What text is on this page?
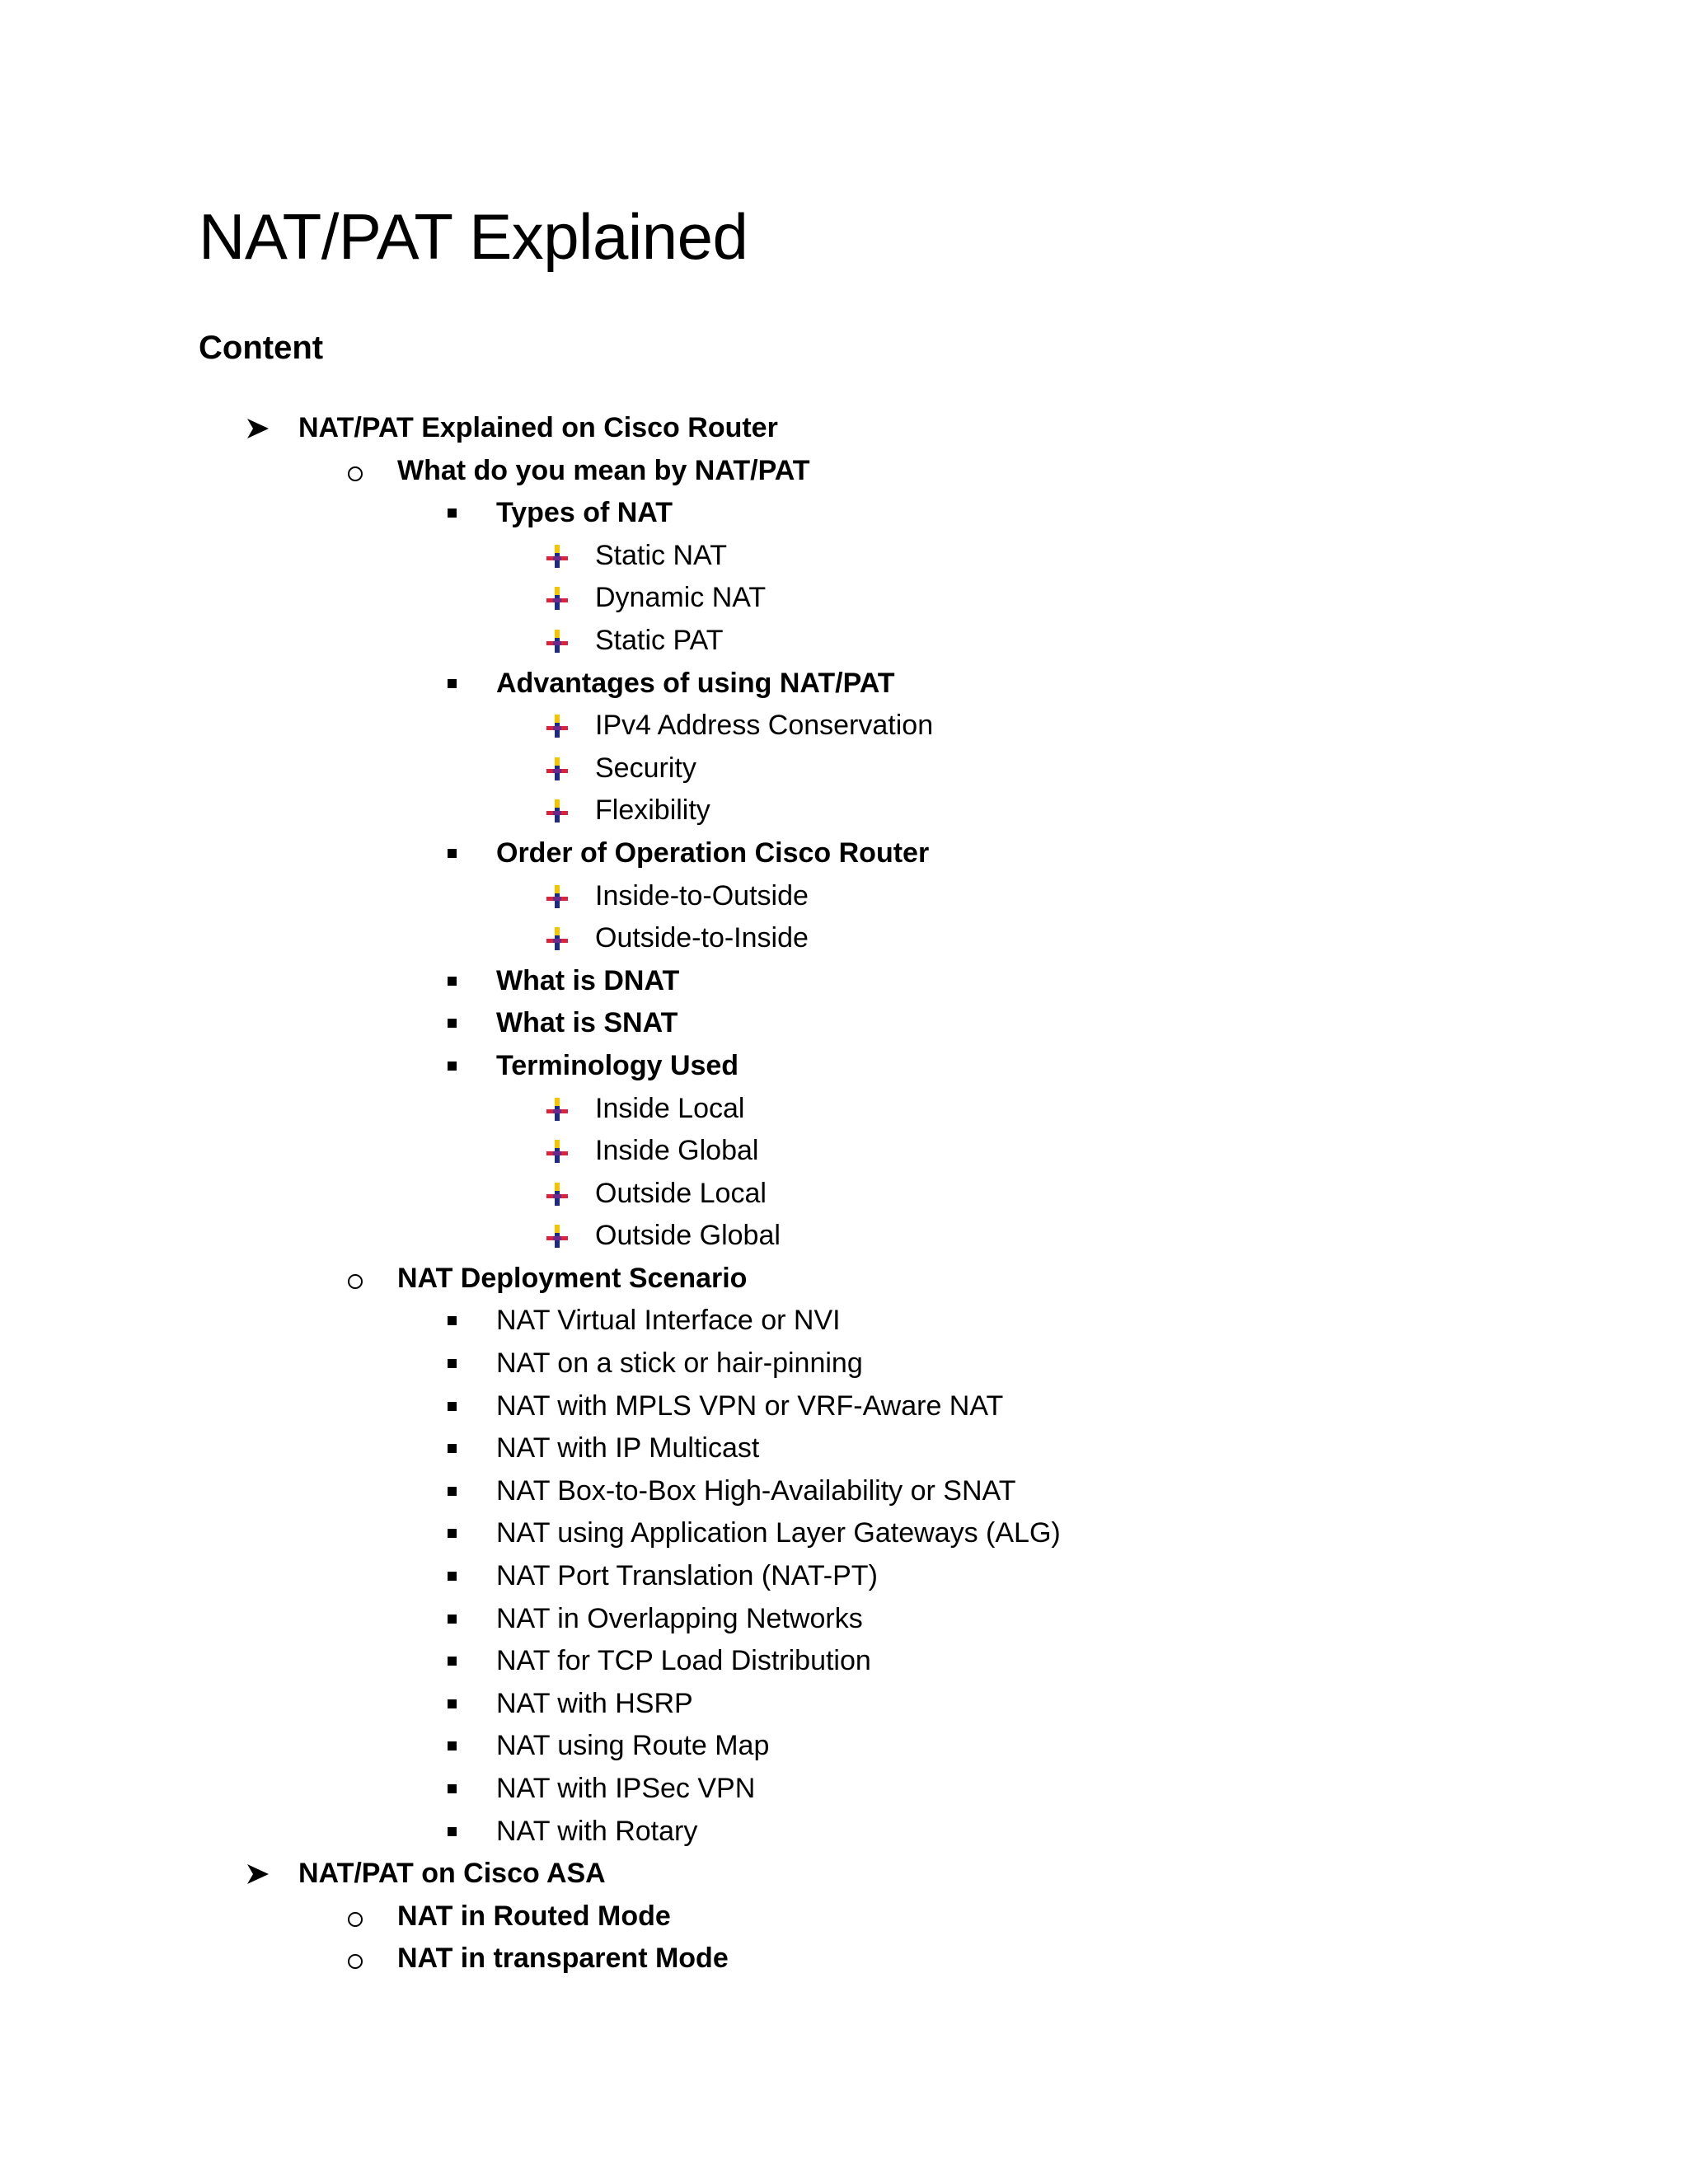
NAT/PAT Explained
Content
NAT/PAT Explained on Cisco Router
What do you mean by NAT/PAT
Types of NAT
Static NAT
Dynamic NAT
Static PAT
Advantages of using NAT/PAT
IPv4 Address Conservation
Security
Flexibility
Order of Operation Cisco Router
Inside-to-Outside
Outside-to-Inside
What is DNAT
What is SNAT
Terminology Used
Inside Local
Inside Global
Outside Local
Outside Global
NAT Deployment Scenario
NAT Virtual Interface or NVI
NAT on a stick or hair-pinning
NAT with MPLS VPN or VRF-Aware NAT
NAT with IP Multicast
NAT Box-to-Box High-Availability or SNAT
NAT using Application Layer Gateways (ALG)
NAT Port Translation (NAT-PT)
NAT in Overlapping Networks
NAT for TCP Load Distribution
NAT with HSRP
NAT using Route Map
NAT with IPSec VPN
NAT with Rotary
NAT/PAT on Cisco ASA
NAT in Routed Mode
NAT in transparent Mode
